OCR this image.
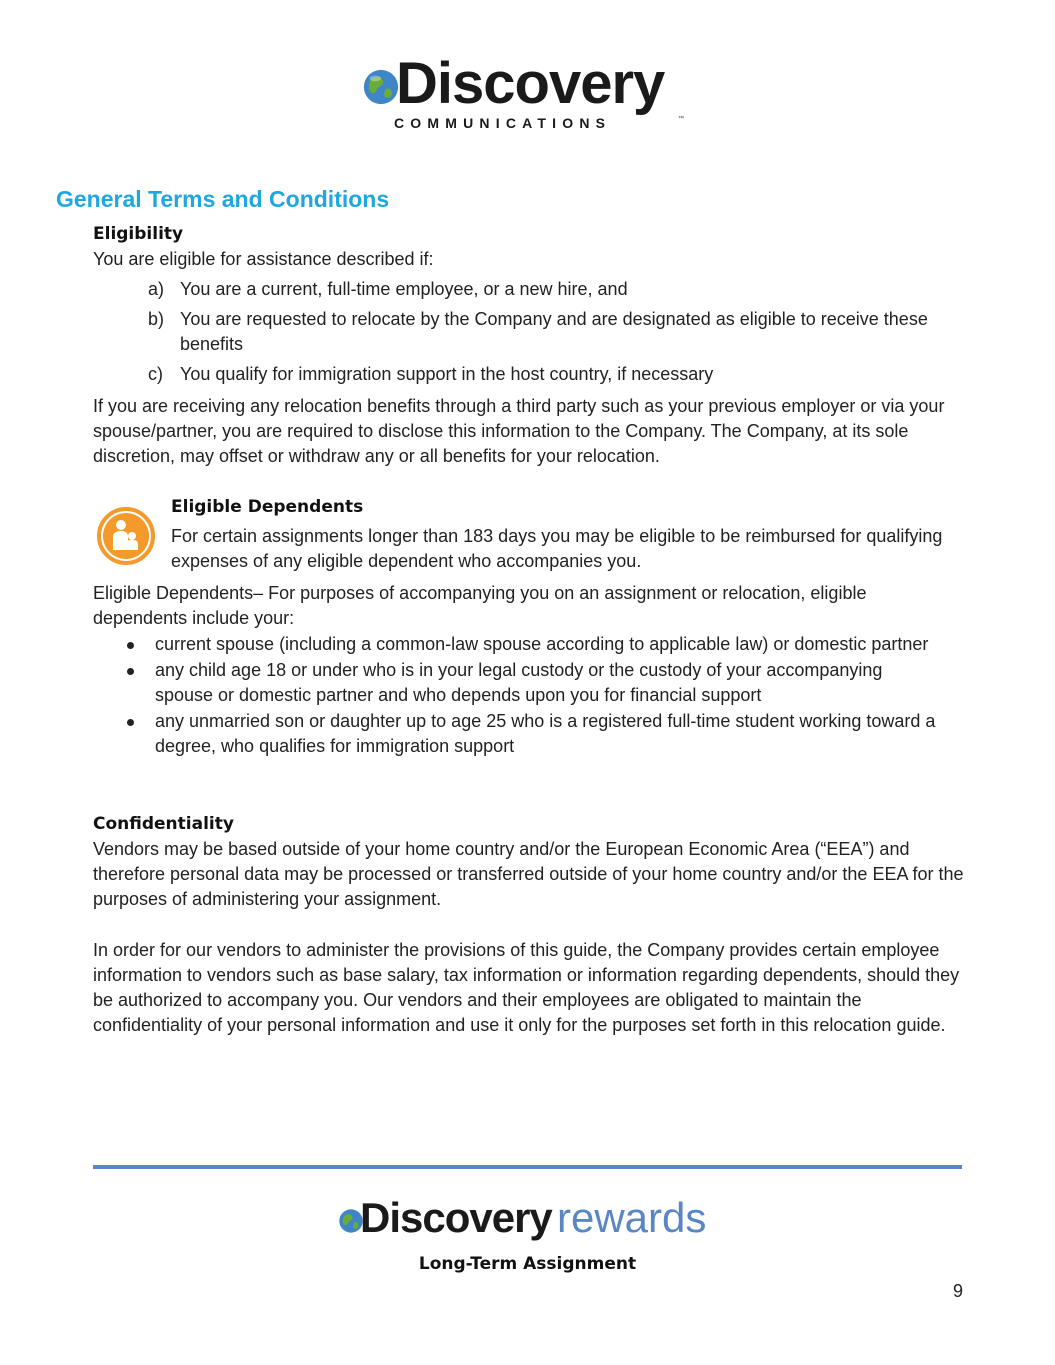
Discovery
COMMUNICATIONS	™
General Terms and Conditions
Eligibility
You are eligible for assistance described if:
a) You are a current, full-time employee, or a new hire, and
b) You are requested to relocate by the Company and are designated as eligible to receive these benefits
c) You qualify for immigration support in the host country, if necessary
If you are receiving any relocation benefits through a third party such as your previous employer or via your spouse/partner, you are required to disclose this information to the Company. The Company, at its sole discretion, may offset or withdraw any or all benefits for your relocation.
Eligible Dependents
For certain assignments longer than 183 days you may be eligible to be reimbursed for qualifying expenses of any eligible dependent who accompanies you.
Eligible Dependents– For purposes of accompanying you on an assignment or relocation, eligible dependents include your:
current spouse (including a common-law spouse according to applicable law) or domestic partner
any child age 18 or under who is in your legal custody or the custody of your accompanying spouse or domestic partner and who depends upon you for financial support
any unmarried son or daughter up to age 25 who is a registered full-time student working toward a degree, who qualifies for immigration support
Confidentiality
Vendors may be based outside of your home country and/or the European Economic Area (“EEA”) and therefore personal data may be processed or transferred outside of your home country and/or the EEA for the purposes of administering your assignment.
In order for our vendors to administer the provisions of this guide, the Company provides certain employee information to vendors such as base salary, tax information or information regarding dependents, should they be authorized to accompany you. Our vendors and their employees are obligated to maintain the confidentiality of your personal information and use it only for the purposes set forth in this relocation guide.
Discovery rewards
Long-Term Assignment
9
